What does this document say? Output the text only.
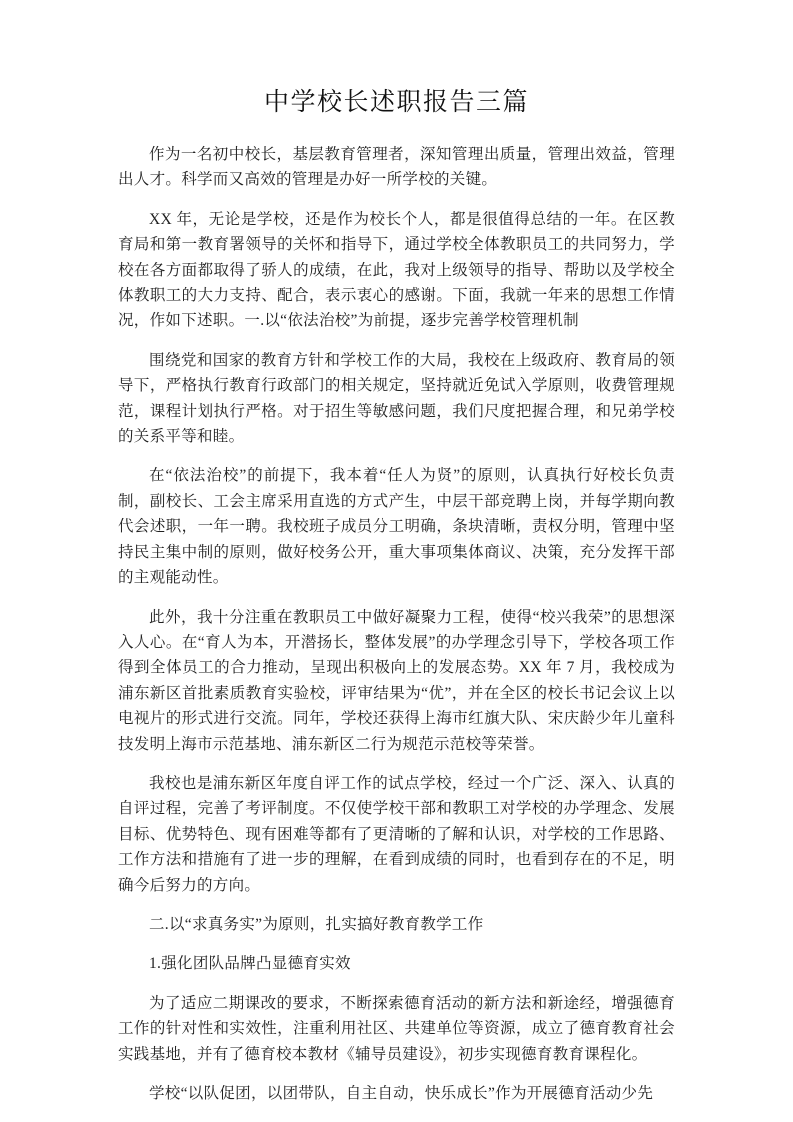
中学校长述职报告三篇

作为一名初中校长，基层教育管理者，深知管理出质量，管理出效益，管理出人才。科学而又高效的管理是办好一所学校的关键。

XX 年，无论是学校，还是作为校长个人，都是很值得总结的一年。在区教育局和第一教育署领导的关怀和指导下，通过学校全体教职员工的共同努力，学校在各方面都取得了骄人的成绩，在此，我对上级领导的指导、帮助以及学校全体教职工的大力支持、配合，表示衷心的感谢。下面，我就一年来的思想工作情况，作如下述职。一.以“依法治校”为前提，逐步完善学校管理机制

围绕党和国家的教育方针和学校工作的大局，我校在上级政府、教育局的领导下，严格执行教育行政部门的相关规定，坚持就近免试入学原则，收费管理规范，课程计划执行严格。对于招生等敏感问题，我们尺度把握合理，和兄弟学校的关系平等和睦。

在“依法治校”的前提下，我本着“任人为贤”的原则，认真执行好校长负责制，副校长、工会主席采用直选的方式产生，中层干部竞聘上岗，并每学期向教代会述职，一年一聘。我校班子成员分工明确，条块清晰，责权分明，管理中坚持民主集中制的原则，做好校务公开，重大事项集体商议、决策，充分发挥干部的主观能动性。

此外，我十分注重在教职员工中做好凝聚力工程，使得“校兴我荣”的思想深入人心。在“育人为本，开潜扬长，整体发展”的办学理念引导下，学校各项工作得到全体员工的合力推动，呈现出积极向上的发展态势。XX 年 7 月，我校成为浦东新区首批素质教育实验校，评审结果为“优”，并在全区的校长书记会议上以电视片的形式进行交流。同年，学校还获得上海市红旗大队、宋庆龄少年儿童科技发明上海市示范基地、浦东新区二行为规范示范校等荣誉。

我校也是浦东新区年度自评工作的试点学校，经过一个广泛、深入、认真的自评过程，完善了考评制度。不仅使学校干部和教职工对学校的办学理念、发展目标、优势特色、现有困难等都有了更清晰的了解和认识，对学校的工作思路、工作方法和措施有了进一步的理解，在看到成绩的同时，也看到存在的不足，明确今后努力的方向。

二.以“求真务实”为原则，扎实搞好教育教学工作

1.强化团队品牌凸显德育实效

为了适应二期课改的要求，不断探索德育活动的新方法和新途经，增强德育工作的针对性和实效性，注重利用社区、共建单位等资源，成立了德育教育社会实践基地，并有了德育校本教材《辅导员建设》，初步实现德育教育课程化。

学校“以队促团，以团带队，自主自动，快乐成长”作为开展德育活动少先
